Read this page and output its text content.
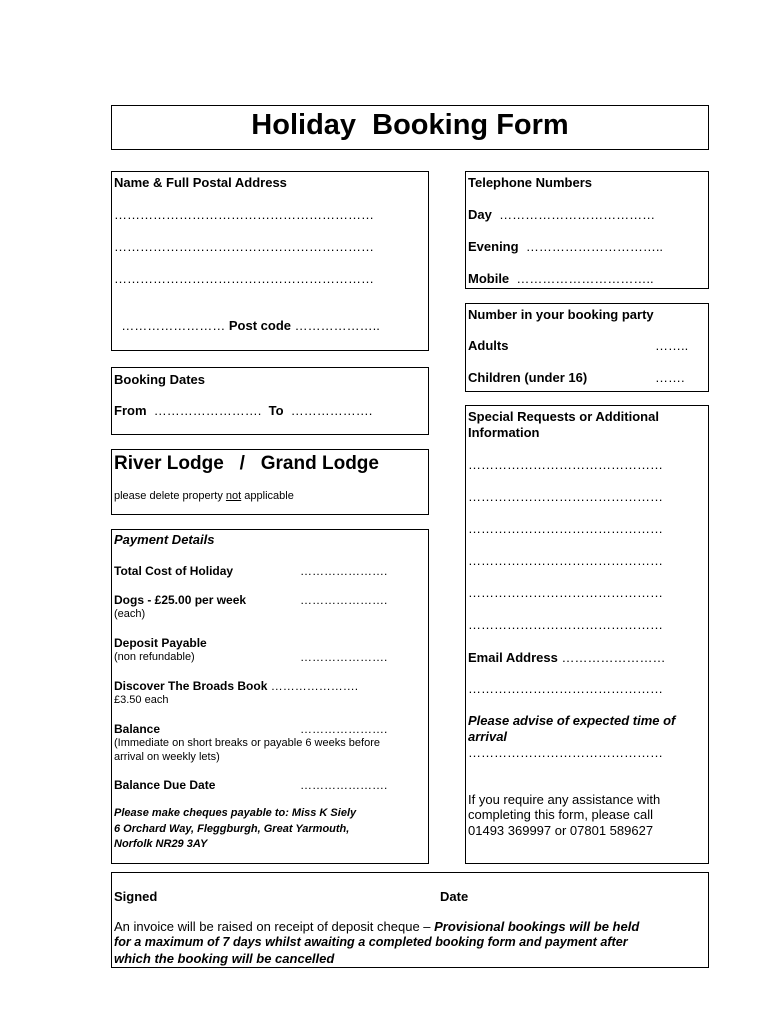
Holiday  Booking Form
Name & Full Postal Address
……………………………………………………
……………………………………………………
……………………………………………………

…………………… Post code ………………..

Telephone Numbers
Day ………………………………
Evening …………………………..
Mobile …………………………..
Number in your booking party
Adults	……..
Children (under 16)	…….
Booking Dates
From ……………………. To ……………….
River Lodge   /   Grand Lodge
please delete property not applicable
Payment Details
Total Cost of Holiday	………………….
Dogs - £25.00 per week	………………….
(each)
Deposit Payable
(non refundable)	………………….
Discover The Broads Book ………………….
£3.50 each
Balance	………………….
(Immediate on short breaks or payable 6 weeks before
arrival on weekly lets)
Balance Due Date	………………….
Please make cheques payable to: Miss K Siely
6 Orchard Way, Fleggburgh, Great Yarmouth,
Norfolk NR29 3AY
Special Requests or Additional
Information
………………………………………
………………………………………
………………………………………
………………………………………
………………………………………
………………………………………
Email Address ……………………
………………………………………
Please advise of expected time of
arrival
………………………………………
If you require any assistance with
completing this form, please call
01493 369997 or 07801 589627
Signed	Date
An invoice will be raised on receipt of deposit cheque – Provisional bookings will be held
for a maximum of 7 days whilst awaiting a completed booking form and payment after
which the booking will be cancelled
